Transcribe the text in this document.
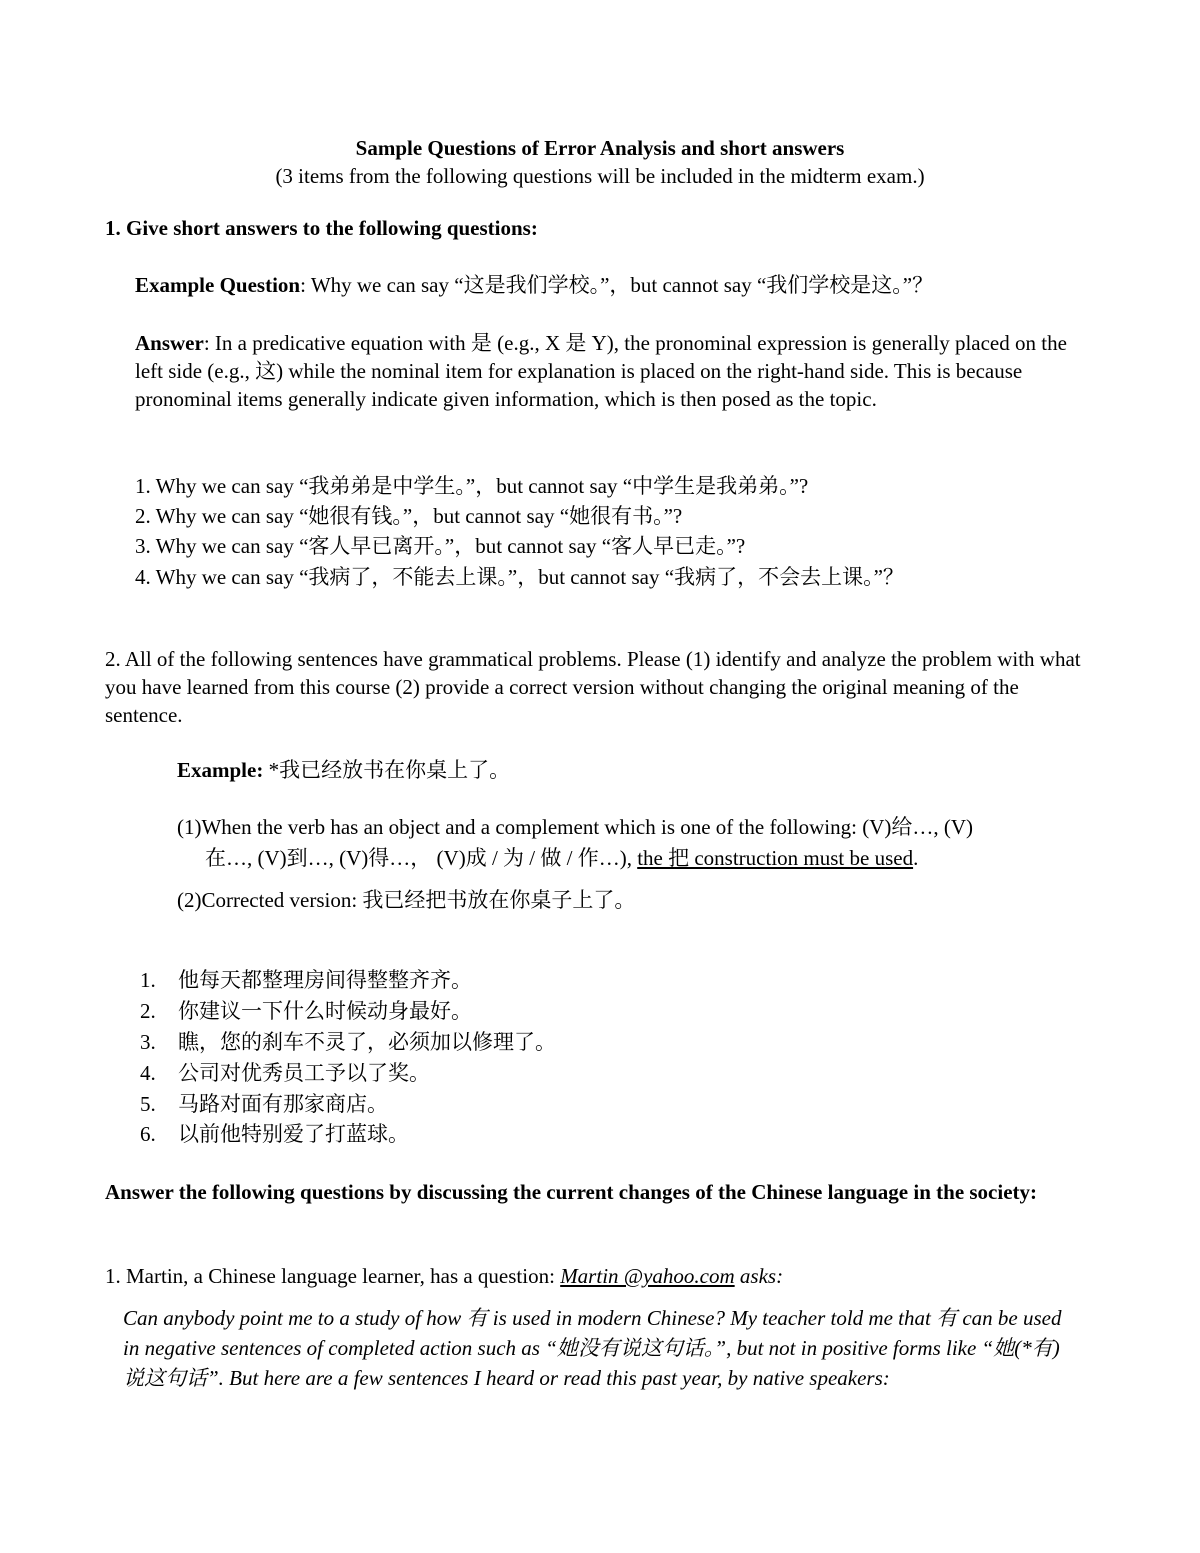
Sample Questions of Error Analysis and short answers
(3 items from the following questions will be included in the midterm exam.)
1. Give short answers to the following questions:
Example Question: Why we can say “这是我们学校。”，but cannot say “我们学校是这。”？
Answer: In a predicative equation with 是 (e.g., X 是 Y), the pronominal expression is generally placed on the left side (e.g., 这) while the nominal item for explanation is placed on the right-hand side. This is because pronominal items generally indicate given information, which is then posed as the topic.
1. Why we can say “我弟弟是中学生。”，but cannot say “中学生是我弟弟。”?
2. Why we can say “她很有钱。”，but cannot say “她很有书。”?
3. Why we can say “客人早已离开。”，but cannot say “客人早已走。”?
4. Why we can say “我病了，不能去上课。”，but cannot say “我病了，不会去上课。”？
2. All of the following sentences have grammatical problems. Please (1) identify and analyze the problem with what you have learned from this course (2) provide a correct version without changing the original meaning of the sentence.
Example: *我已经放书在你桌上了。
(1)When the verb has an object and a complement which is one of the following: (V)给…, (V)
在…, (V)到…, (V)得…， (V)成 / 为 / 做 / 作…), the 把 construction must be used.
(2)Corrected version: 我已经把书放在你桌子上了。
1. 他每天都整理房间得整整齐齐。
2. 你建议一下什么时候动身最好。
3. 瞧，您的刹车不灵了，必须加以修理了。
4. 公司对优秀员工予以了奖。
5. 马路对面有那家商店。
6. 以前他特别爱了打蓝球。
Answer the following questions by discussing the current changes of the Chinese language in the society:
1. Martin, a Chinese language learner, has a question: Martin @yahoo.com asks:
Can anybody point me to a study of how 有 is used in modern Chinese? My teacher told me that 有 can be used in negative sentences of completed action such as “她没有说这句话。”, but not in positive forms like “她(*有) 说这句话”. But here are a few sentences I heard or read this past year, by native speakers:
